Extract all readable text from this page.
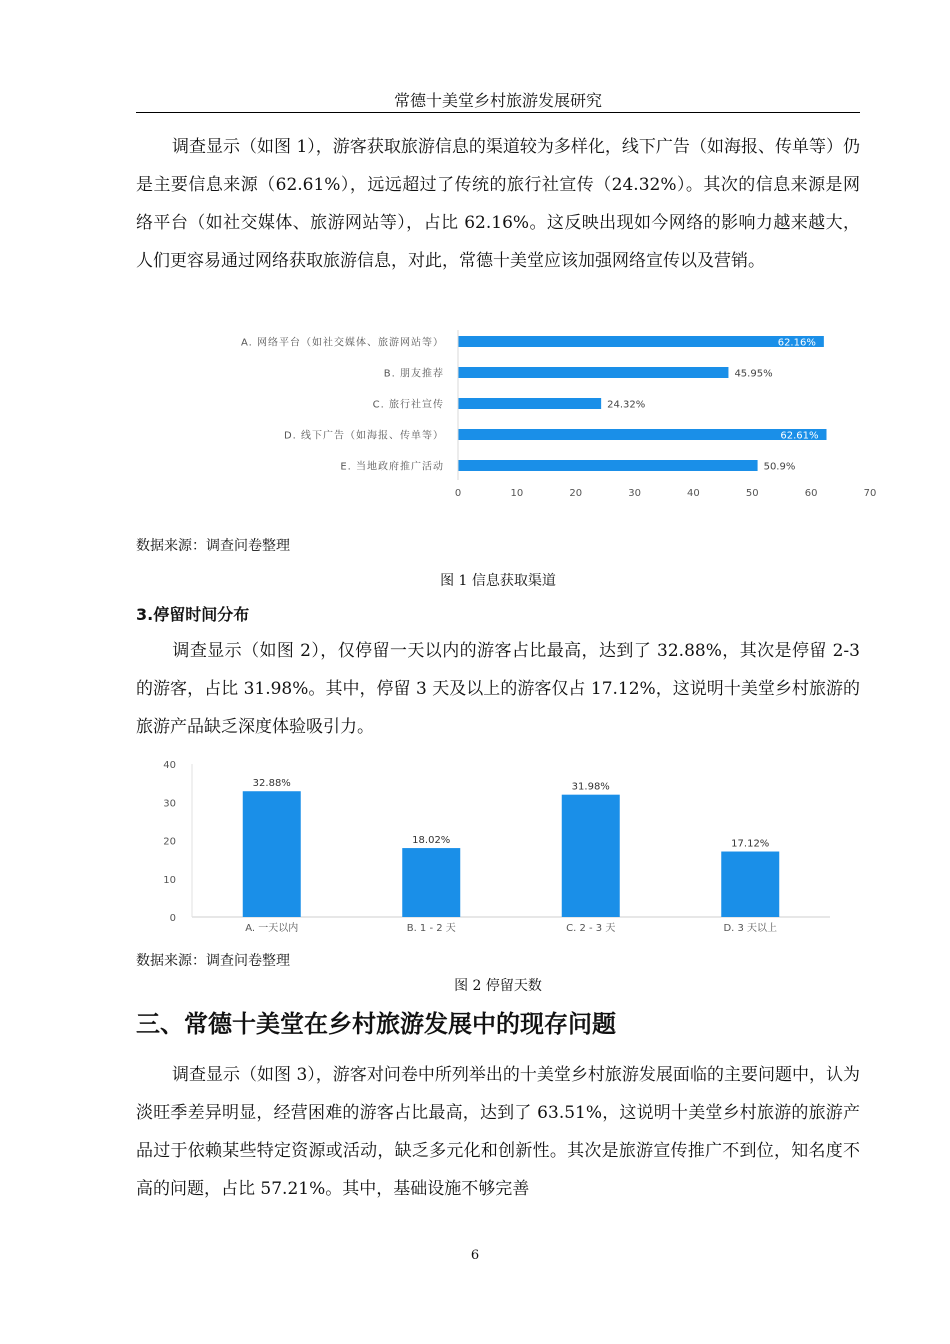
常德十美堂乡村旅游发展研究

调查显示（如图 1），游客获取旅游信息的渠道较为多样化，线下广告（如海报、传单等）仍是主要信息来源（62.61%），远远超过了传统的旅行社宣传（24.32%）。其次的信息来源是网络平台（如社交媒体、旅游网站等），占比 62.16%。这反映出现如今网络的影响力越来越大，人们更容易通过网络获取旅游信息，对此，常德十美堂应该加强网络宣传以及营销。

A. 网络平台（如社交媒体、旅游网站等）
B. 朋友推荐
C. 旅行社宣传
D. 线下广告（如海报、传单等）
E. 当地政府推广活动
62.16%
45.95%
24.32%
62.61%
50.9%
0	10	20	30	40	50	60	70
数据来源：调查问卷整理
图 1 信息获取渠道
3.停留时间分布

调查显示（如图 2），仅停留一天以内的游客占比最高，达到了 32.88%，其次是停留 2-3 的游客，占比 31.98%。其中，停留 3 天及以上的游客仅占 17.12%，这说明十美堂乡村旅游的旅游产品缺乏深度体验吸引力。

0
10
20
30
40
A. 一天以内	B. 1 - 2 天	C. 2 - 3 天	D. 3 天以上
32.88%
18.02%
31.98%
17.12%
数据来源：调查问卷整理
图 2 停留天数
三、常德十美堂在乡村旅游发展中的现存问题

调查显示（如图 3），游客对问卷中所列举出的十美堂乡村旅游发展面临的主要问题中，认为淡旺季差异明显，经营困难的游客占比最高，达到了 63.51%，这说明十美堂乡村旅游的旅游产品过于依赖某些特定资源或活动，缺乏多元化和创新性。其次是旅游宣传推广不到位，知名度不高的问题，占比 57.21%。其中，基础设施不够完善

6
